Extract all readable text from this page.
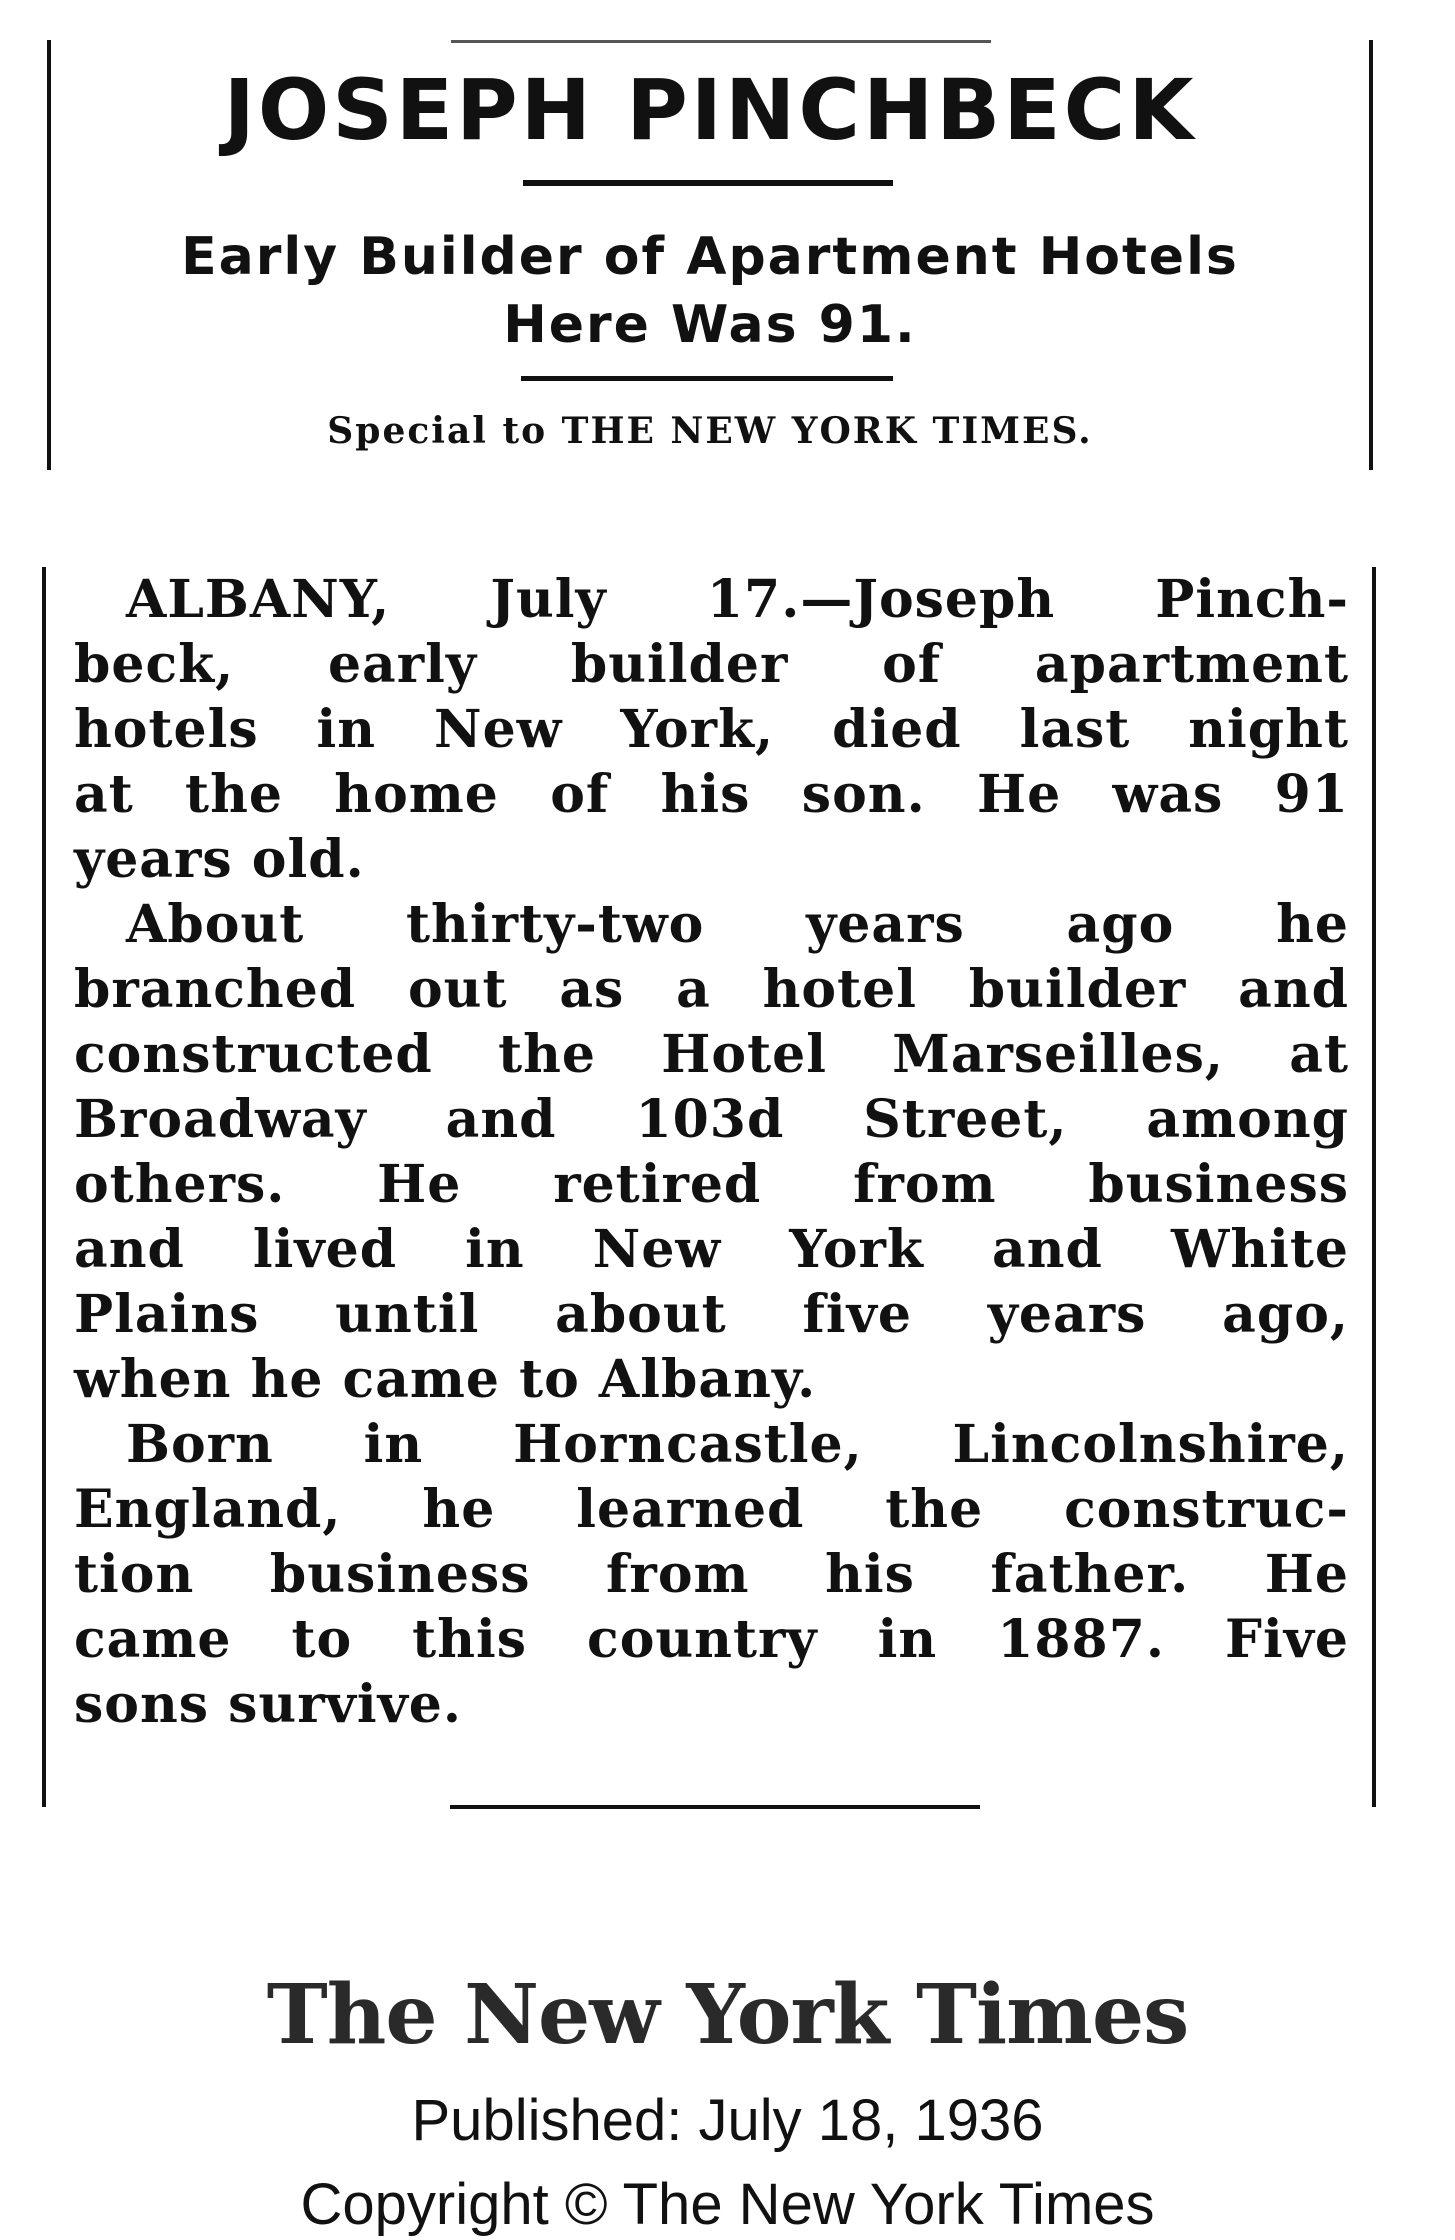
JOSEPH PINCHBECK
Early Builder of Apartment Hotels
Here Was 91.
Special to THE NEW YORK TIMES.

ALBANY, July 17.—Joseph Pinch-
beck, early builder of apartment
hotels in New York, died last night
at the home of his son. He was 91
years old.

About thirty-two years ago he
branched out as a hotel builder and
constructed the Hotel Marseilles, at
Broadway and 103d Street, among
others. He retired from business
and lived in New York and White
Plains until about five years ago,
when he came to Albany.

Born in Horncastle, Lincolnshire,
England, he learned the construc-
tion business from his father. He
came to this country in 1887. Five
sons survive.

The New York Times
Published: July 18, 1936
Copyright © The New York Times
